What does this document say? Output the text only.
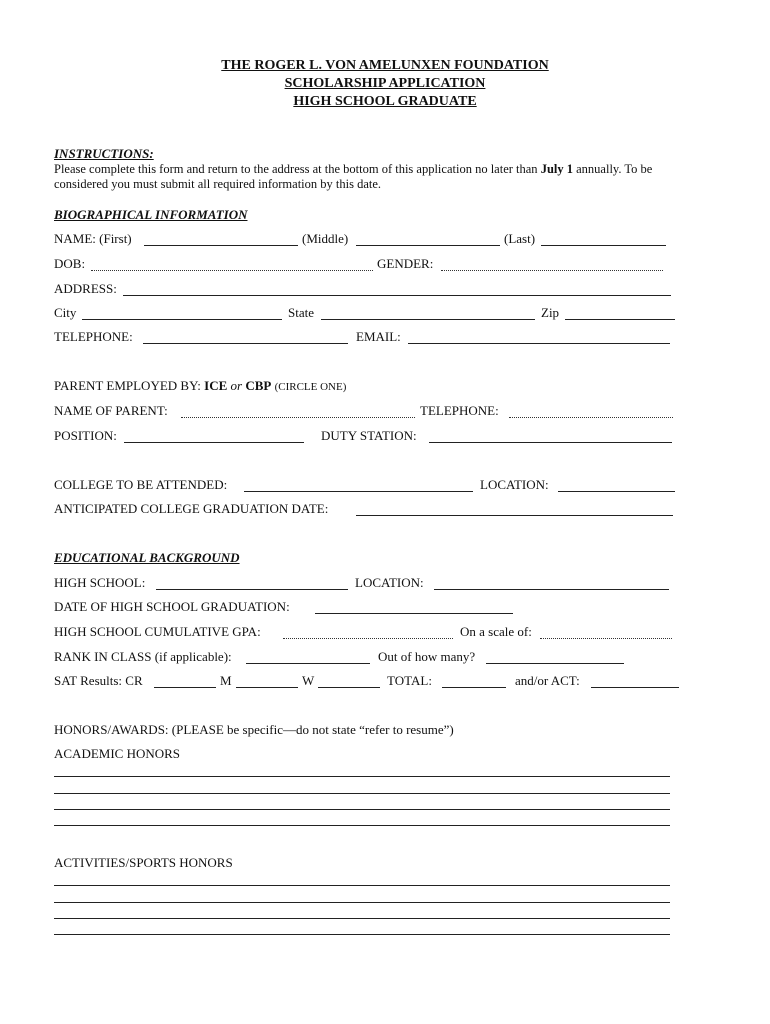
THE ROGER L. VON AMELUNXEN FOUNDATION
SCHOLARSHIP APPLICATION
HIGH SCHOOL GRADUATE
INSTRUCTIONS:
Please complete this form and return to the address at the bottom of this application no later than July 1 annually. To be
considered you must submit all required information by this date.
BIOGRAPHICAL INFORMATION
NAME: (First)	(Middle)	(Last)
DOB:	GENDER:
ADDRESS:
City	State	Zip
TELEPHONE:	EMAIL:
PARENT EMPLOYED BY: ICE or CBP (CIRCLE ONE)
NAME OF PARENT:	TELEPHONE:
POSITION:	DUTY STATION:
COLLEGE TO BE ATTENDED:	LOCATION:
ANTICIPATED COLLEGE GRADUATION DATE:
EDUCATIONAL BACKGROUND
HIGH SCHOOL:	LOCATION:
DATE OF HIGH SCHOOL GRADUATION:
HIGH SCHOOL CUMULATIVE GPA:	On a scale of:
RANK IN CLASS (if applicable):	Out of how many?
SAT Results: CR	M	W	TOTAL:	and/or ACT:
HONORS/AWARDS: (PLEASE be specific—do not state “refer to resume”)
ACADEMIC HONORS
ACTIVITIES/SPORTS HONORS
